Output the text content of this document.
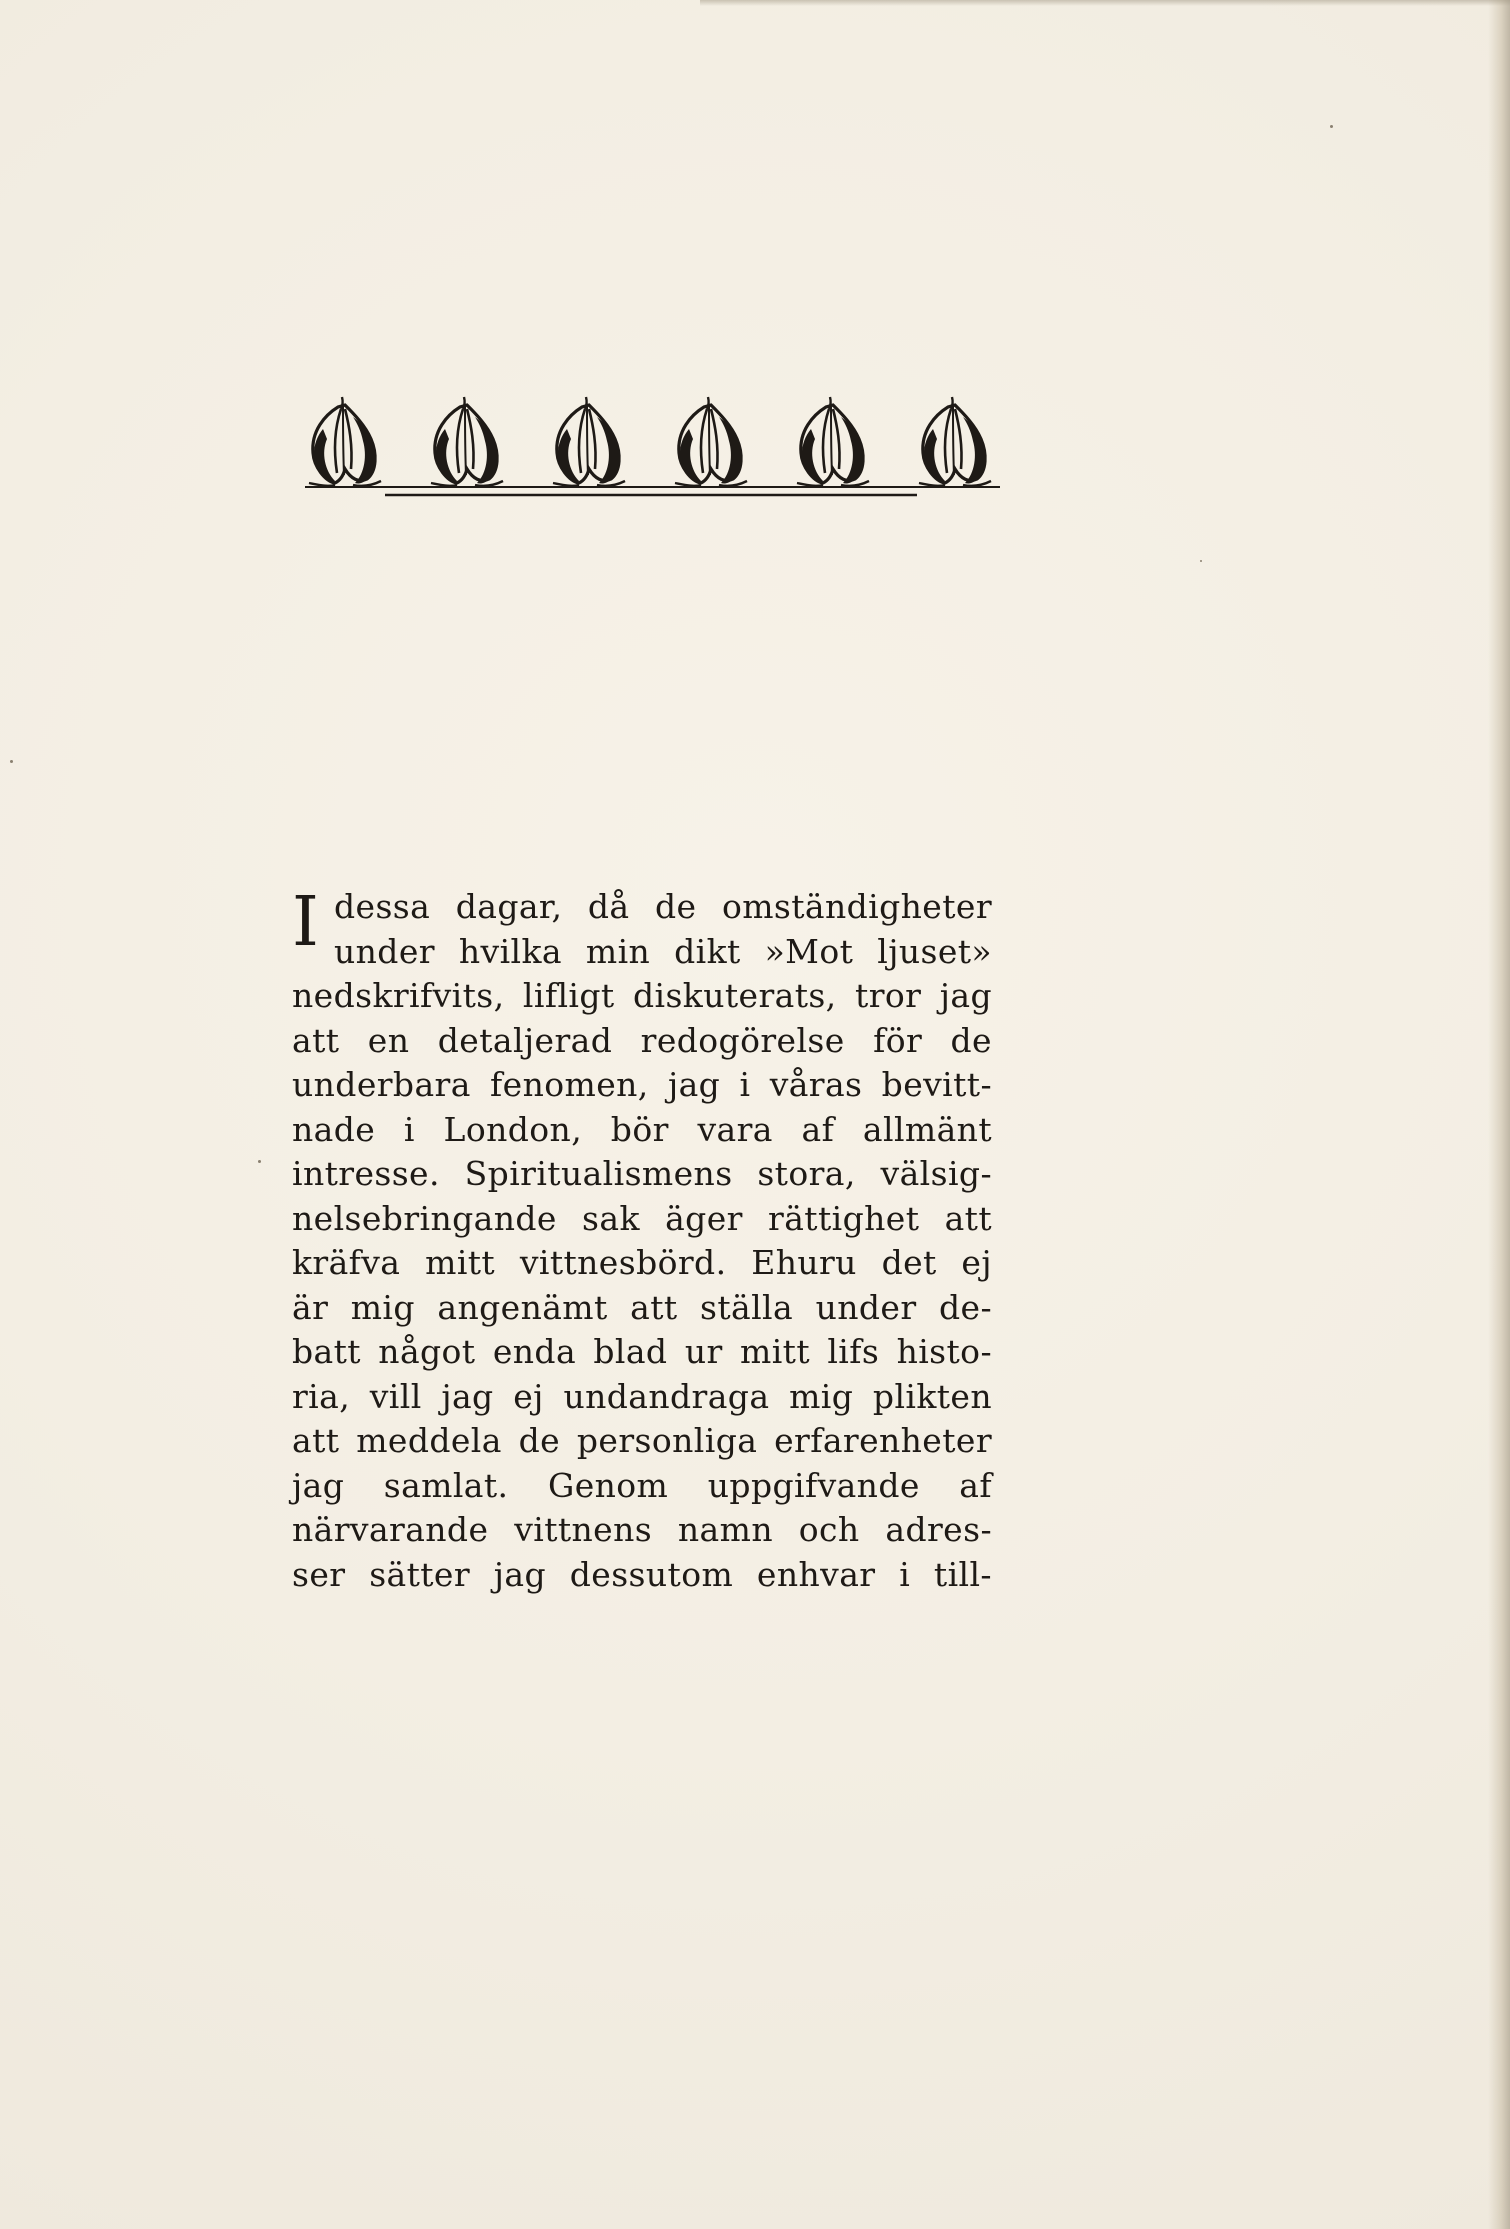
I dessa dagar, då de omständigheter
under hvilka min dikt »Mot ljuset»
nedskrifvits, lifligt diskuterats, tror jag
att en detaljerad redogörelse för de
underbara fenomen, jag i våras bevitt-
nade i London, bör vara af allmänt
intresse. Spiritualismens stora, välsig-
nelsebringande sak äger rättighet att
kräfva mitt vittnesbörd. Ehuru det ej
är mig angenämt att ställa under de-
batt något enda blad ur mitt lifs histo-
ria, vill jag ej undandraga mig plikten
att meddela de personliga erfarenheter
jag samlat. Genom uppgifvande af
närvarande vittnens namn och adres-
ser sätter jag dessutom enhvar i till-
